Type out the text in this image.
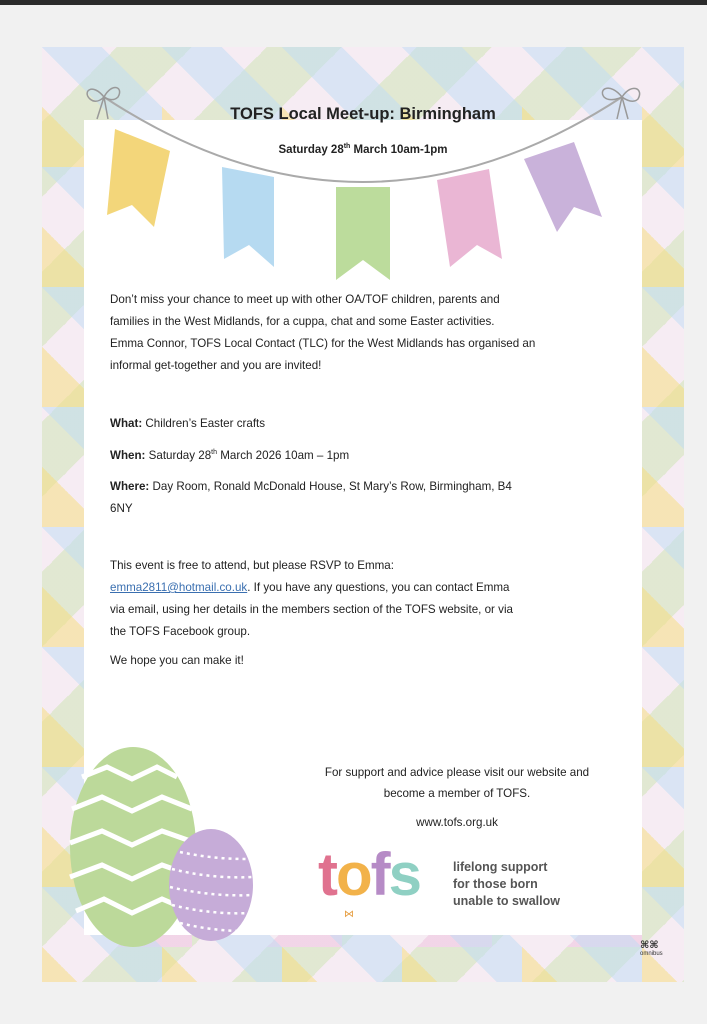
TOFS Local Meet-up: Birmingham
Saturday 28th March 10am-1pm
Don’t miss your chance to meet up with other OA/TOF children, parents and
families in the West Midlands, for a cuppa, chat and some Easter activities.
Emma Connor, TOFS Local Contact (TLC) for the West Midlands has organised an
informal get-together and you are invited!
What: Children’s Easter crafts
When: Saturday 28th March 2026 10am – 1pm
Where: Day Room, Ronald McDonald House, St Mary’s Row, Birmingham, B4
6NY
This event is free to attend, but please RSVP to Emma:
emma2811@hotmail.co.uk. If you have any questions, you can contact Emma
via email, using her details in the members section of the TOFS website, or via
the TOFS Facebook group.
We hope you can make it!
For support and advice please visit our website and
become a member of TOFS.
www.tofs.org.uk
tofs
⋈
lifelong support
for those born
unable to swallow
⌘⌘
omnibus
